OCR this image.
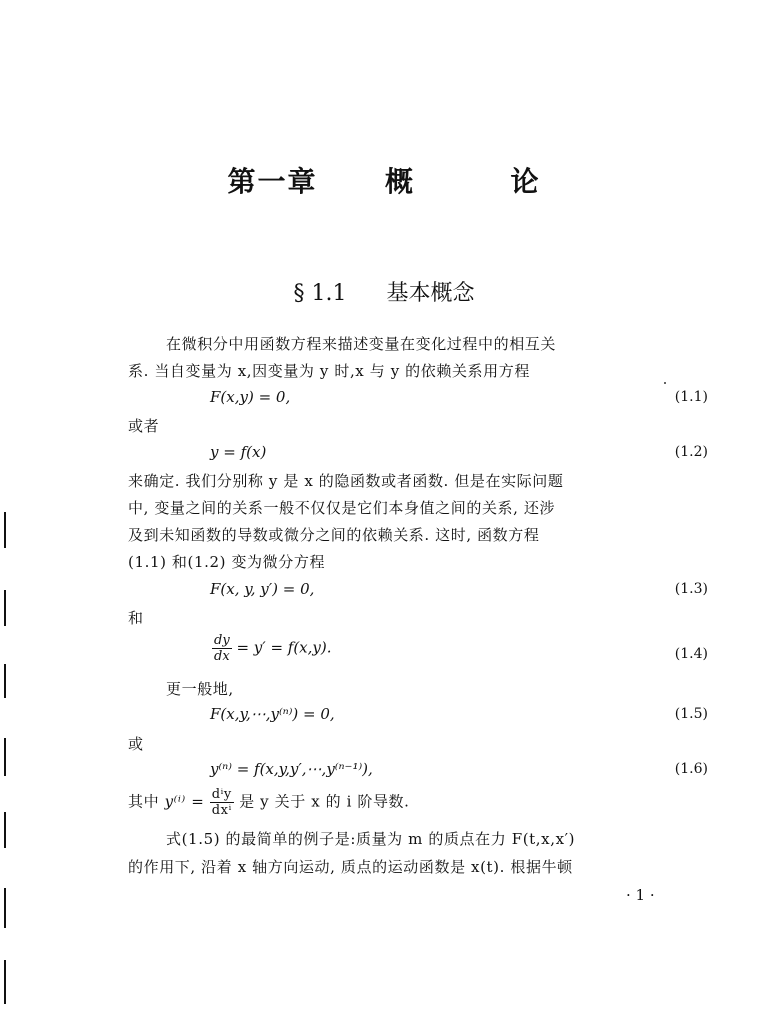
第一章 概	论
§ 1.1 基本概念
在微积分中用函数方程来描述变量在变化过程中的相互关
系. 当自变量为 x,因变量为 y 时,x 与 y 的依赖关系用方程
F(x,y) = 0,	(1.1)
或者
y = f(x)	(1.2)
来确定. 我们分别称 y 是 x 的隐函数或者函数. 但是在实际问题
中, 变量之间的关系一般不仅仅是它们本身值之间的关系, 还涉
及到未知函数的导数或微分之间的依赖关系. 这时, 函数方程
(1.1) 和(1.2) 变为微分方程
F(x, y, y′) = 0,	(1.3)
和
$\frac{dy}{dx} = y' = f(x,y)$.	(1.4)
更一般地,
F(x,y,⋯,y⁽ⁿ⁾) = 0,	(1.5)
或
y⁽ⁿ⁾ = f(x,y,y′,⋯,y⁽ⁿ⁻¹⁾),	(1.6)
其中 $y^{(i)} = \frac{\text{dⁱy}}{\text{dxⁱ}}$ 是 y 关于 x 的 i 阶导数.
式(1.5) 的最简单的例子是:质量为 m 的质点在力 F(t,x,x′)
的作用下, 沿着 x 轴方向运动, 质点的运动函数是 x(t). 根据牛顿
· 1 ·
